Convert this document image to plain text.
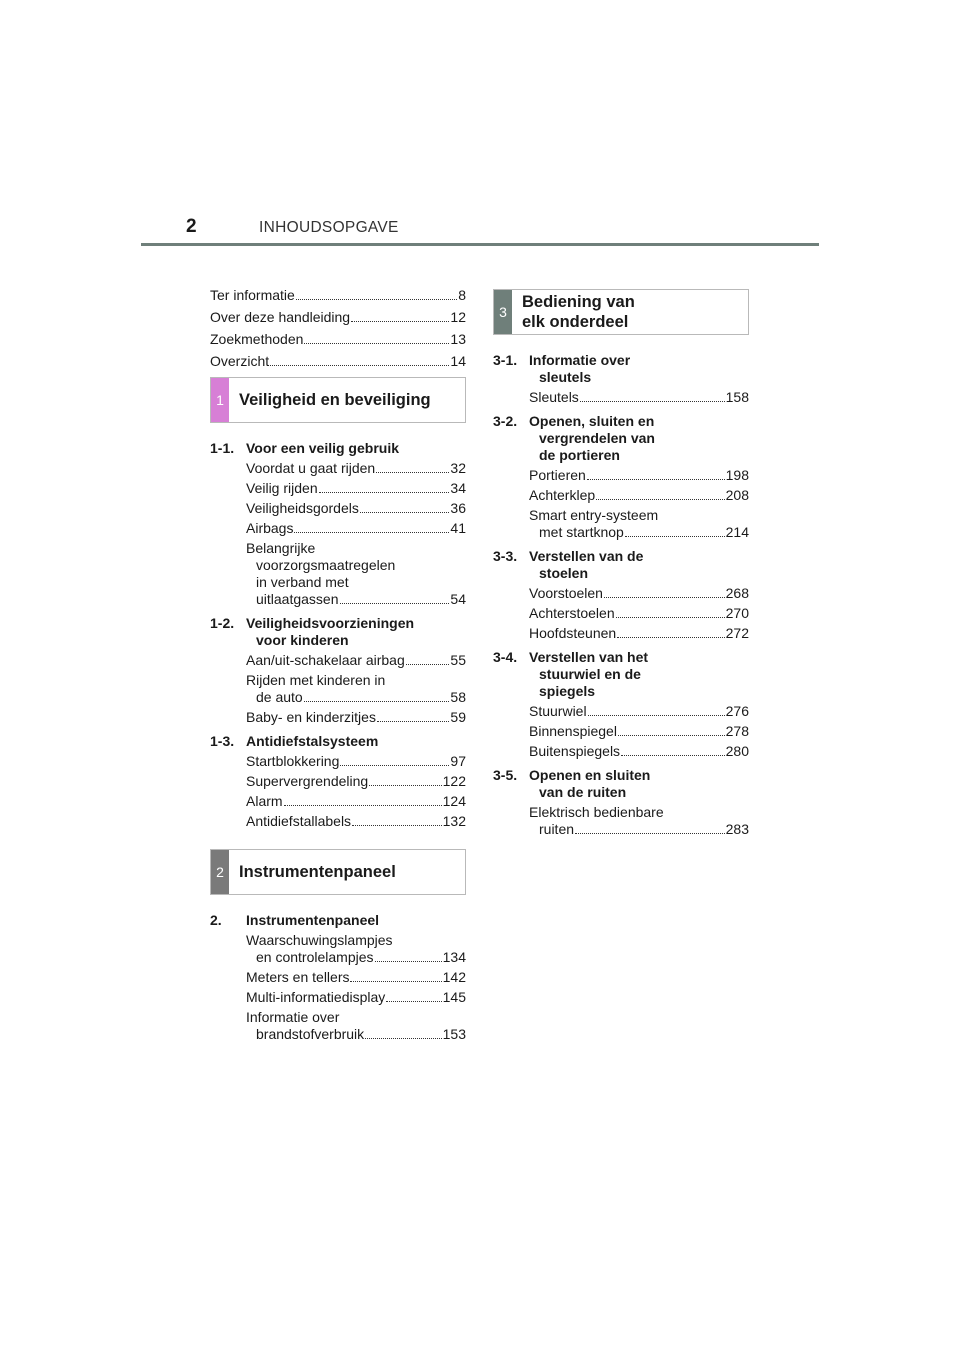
2	INHOUDSOPGAVE
Ter informatie	8
Over deze handleiding	12
Zoekmethoden	13
Overzicht	14
1 Veiligheid en beveiliging
1-1. Voor een veilig gebruik
Voordat u gaat rijden	32
Veilig rijden	34
Veiligheidsgordels	36
Airbags	41
Belangrijke
voorzorgsmaatregelen
in verband met
uitlaatgassen	54
1-2. Veiligheidsvoorzieningen
voor kinderen
Aan/uit-schakelaar airbag	55
Rijden met kinderen in
de auto	58
Baby- en kinderzitjes	59
1-3. Antidiefstalsysteem
Startblokkering	97
Supervergrendeling	122
Alarm	124
Antidiefstallabels	132
2 Instrumentenpaneel
2.	Instrumentenpaneel
Waarschuwingslampjes
en controlelampjes	134
Meters en tellers	142
Multi-informatiedisplay	145
Informatie over
brandstofverbruik	153
3
Bediening van
elk onderdeel
3-1. Informatie over
sleutels
Sleutels	158
3-2. Openen, sluiten en
vergrendelen van
de portieren
Portieren	198
Achterklep	208
Smart entry-systeem
met startknop	214
3-3. Verstellen van de
stoelen
Voorstoelen	268
Achterstoelen	270
Hoofdsteunen	272
3-4. Verstellen van het
stuurwiel en de
spiegels
Stuurwiel	276
Binnenspiegel	278
Buitenspiegels	280
3-5. Openen en sluiten
van de ruiten
Elektrisch bedienbare
ruiten	283
